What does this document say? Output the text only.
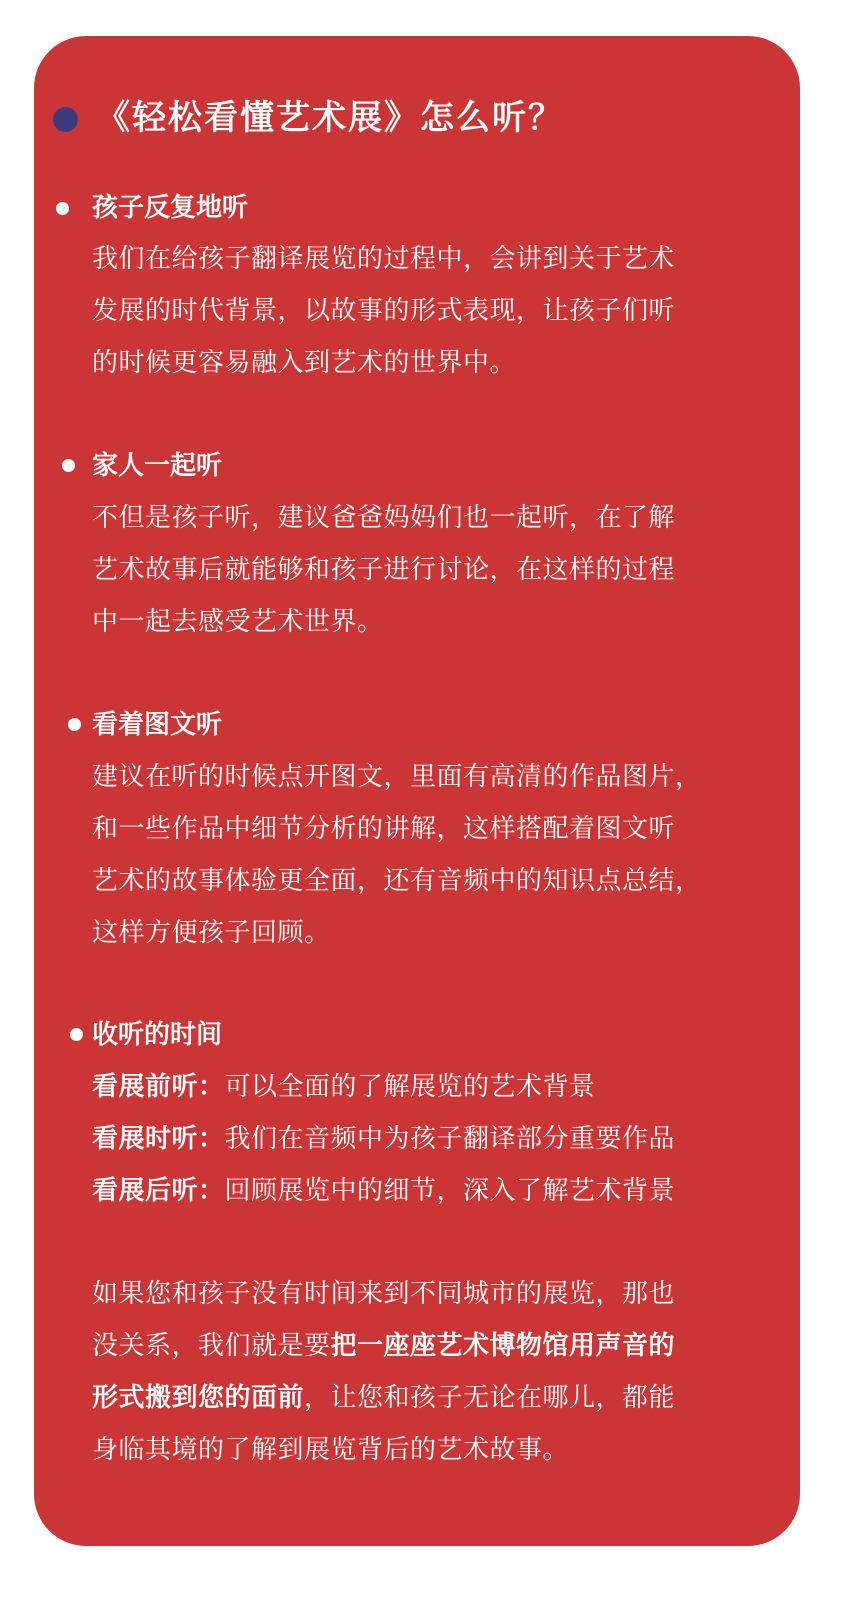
《轻松看懂艺术展》怎么听？
孩子反复地听
我们在给孩子翻译展览的过程中，会讲到关于艺术
发展的时代背景，以故事的形式表现，让孩子们听
的时候更容易融入到艺术的世界中。
家人一起听
不但是孩子听，建议爸爸妈妈们也一起听，在了解
艺术故事后就能够和孩子进行讨论，在这样的过程
中一起去感受艺术世界。
看着图文听
建议在听的时候点开图文，里面有高清的作品图片，
和一些作品中细节分析的讲解，这样搭配着图文听
艺术的故事体验更全面，还有音频中的知识点总结，
这样方便孩子回顾。
收听的时间
看展前听：可以全面的了解展览的艺术背景
看展时听：我们在音频中为孩子翻译部分重要作品
看展后听：回顾展览中的细节，深入了解艺术背景
如果您和孩子没有时间来到不同城市的展览，那也
没关系，我们就是要把一座座艺术博物馆用声音的
形式搬到您的面前，让您和孩子无论在哪儿，都能
身临其境的了解到展览背后的艺术故事。
